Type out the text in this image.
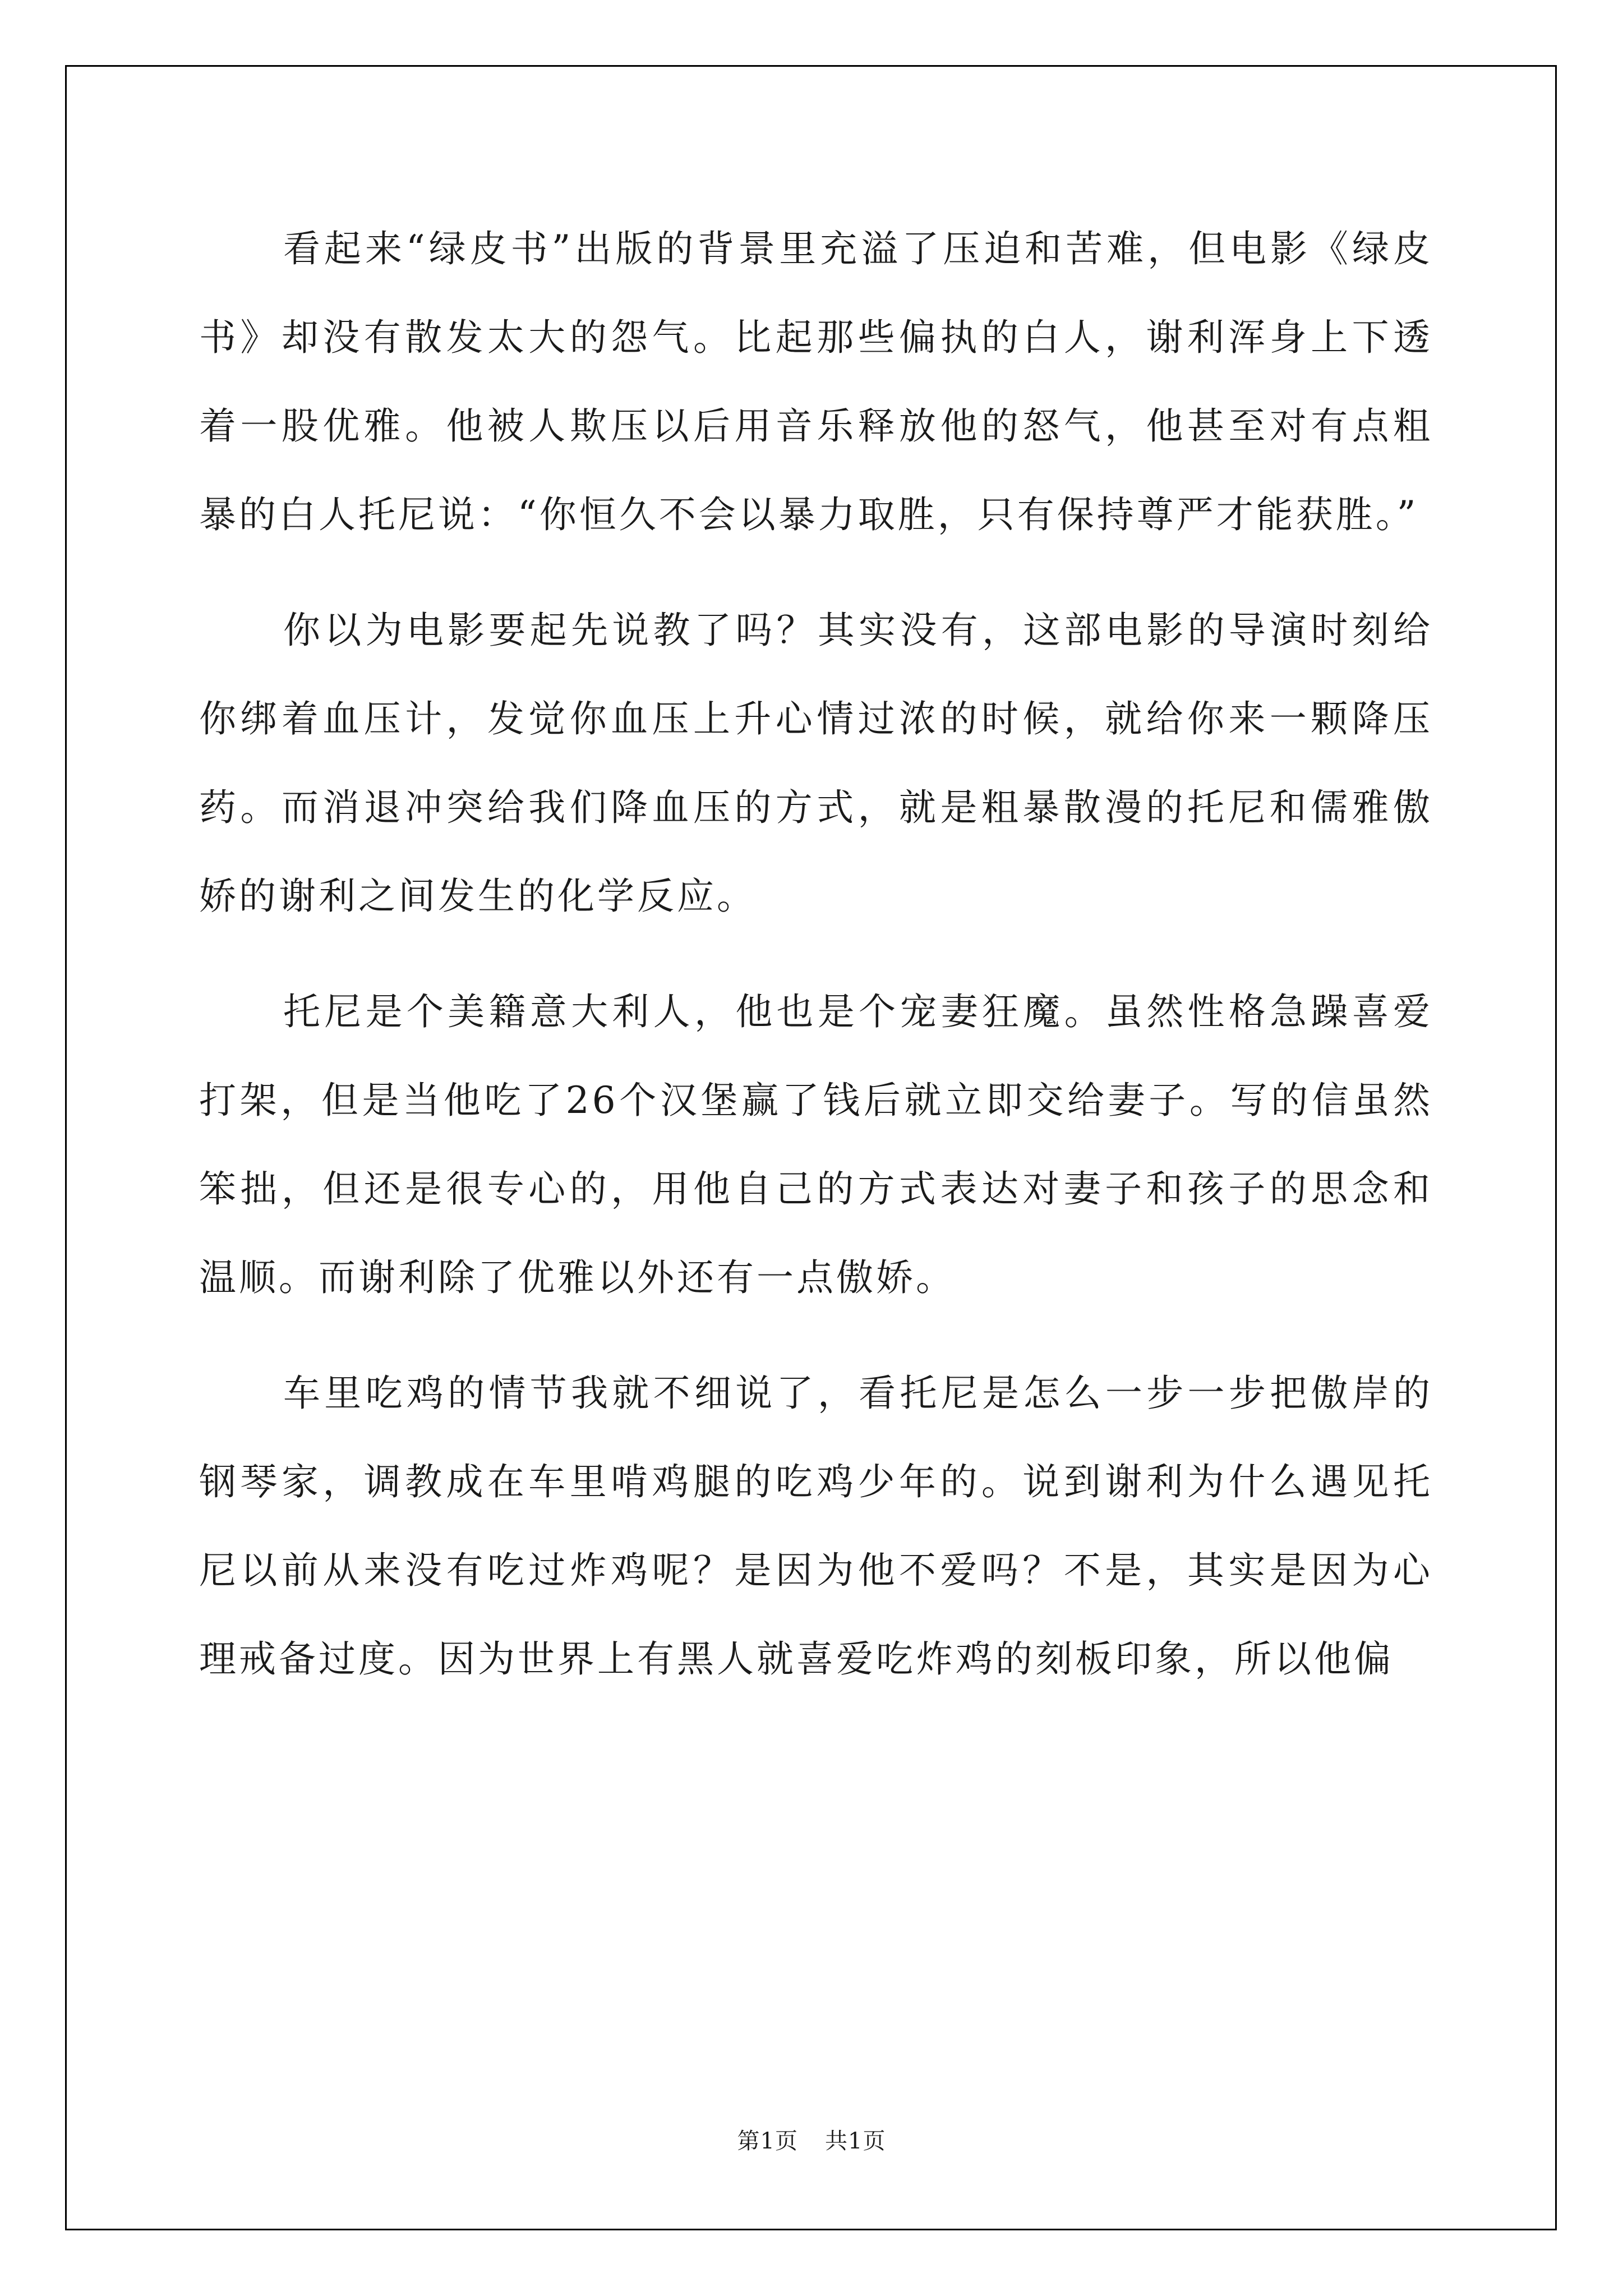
看起来“绿皮书”出版的背景里充溢了压迫和苦难，但电影《绿皮书》却没有散发太大的怨气。比起那些偏执的白人，谢利浑身上下透着一股优雅。他被人欺压以后用音乐释放他的怒气，他甚至对有点粗暴的白人托尼说：“你恒久不会以暴力取胜，只有保持尊严才能获胜。”

你以为电影要起先说教了吗？其实没有，这部电影的导演时刻给你绑着血压计，发觉你血压上升心情过浓的时候，就给你来一颗降压药。而消退冲突给我们降血压的方式，就是粗暴散漫的托尼和儒雅傲娇的谢利之间发生的化学反应。

托尼是个美籍意大利人，他也是个宠妻狂魔。虽然性格急躁喜爱打架，但是当他吃了26个汉堡赢了钱后就立即交给妻子。写的信虽然笨拙，但还是很专心的，用他自己的方式表达对妻子和孩子的思念和温顺。而谢利除了优雅以外还有一点傲娇。

车里吃鸡的情节我就不细说了，看托尼是怎么一步一步把傲岸的钢琴家，调教成在车里啃鸡腿的吃鸡少年的。说到谢利为什么遇见托尼以前从来没有吃过炸鸡呢？是因为他不爱吗？不是，其实是因为心理戒备过度。因为世界上有黑人就喜爱吃炸鸡的刻板印象，所以他偏

第1页 共1页
